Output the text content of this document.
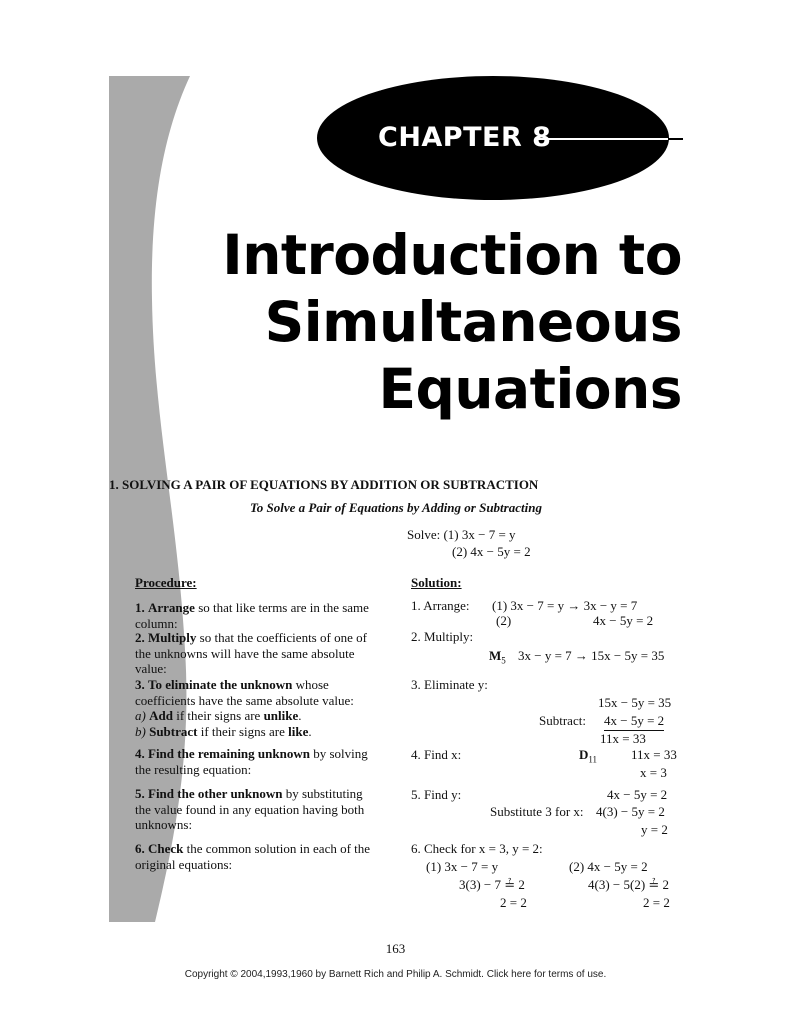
CHAPTER 8
Introduction to
Simultaneous
Equations
1. SOLVING A PAIR OF EQUATIONS BY ADDITION OR SUBTRACTION
To Solve a Pair of Equations by Adding or Subtracting
Solve: (1) 3x − 7 = y
(2) 4x − 5y = 2
Procedure:
1. Arrange so that like terms are in the same column:
2. Multiply so that the coefficients of one of the unknowns will have the same absolute value:
3. To eliminate the unknown whose coefficients have the same absolute value:
a) Add if their signs are unlike.
b) Subtract if their signs are like.
4. Find the remaining unknown by solving the resulting equation:
5. Find the other unknown by substituting the value found in any equation having both unknowns:
6. Check the common solution in each of the original equations:
Solution:
1. Arrange: (1) 3x − 7 = y → 3x − y = 7
(2)	4x − 5y = 2
2. Multiply:
$M_5$ 3x − y = 7 → 15x − 5y = 35
3. Eliminate y:
15x − 5y = 35
Subtract: 4x − 5y = 2
11x = 33
4. Find x:	$D_{11}$	11x = 33
x = 3
5. Find y:	4x − 5y = 2
Substitute 3 for x: 4(3) − 5y = 2
y = 2
6. Check for x = 3, y = 2:
(1) 3x − 7 = y
3(3) − 7 ≟ 2
2 = 2
(2) 4x − 5y = 2
4(3) − 5(2) ≟ 2
2 = 2
163
Copyright © 2004,1993,1960 by Barnett Rich and Philip A. Schmidt. Click here for terms of use.
